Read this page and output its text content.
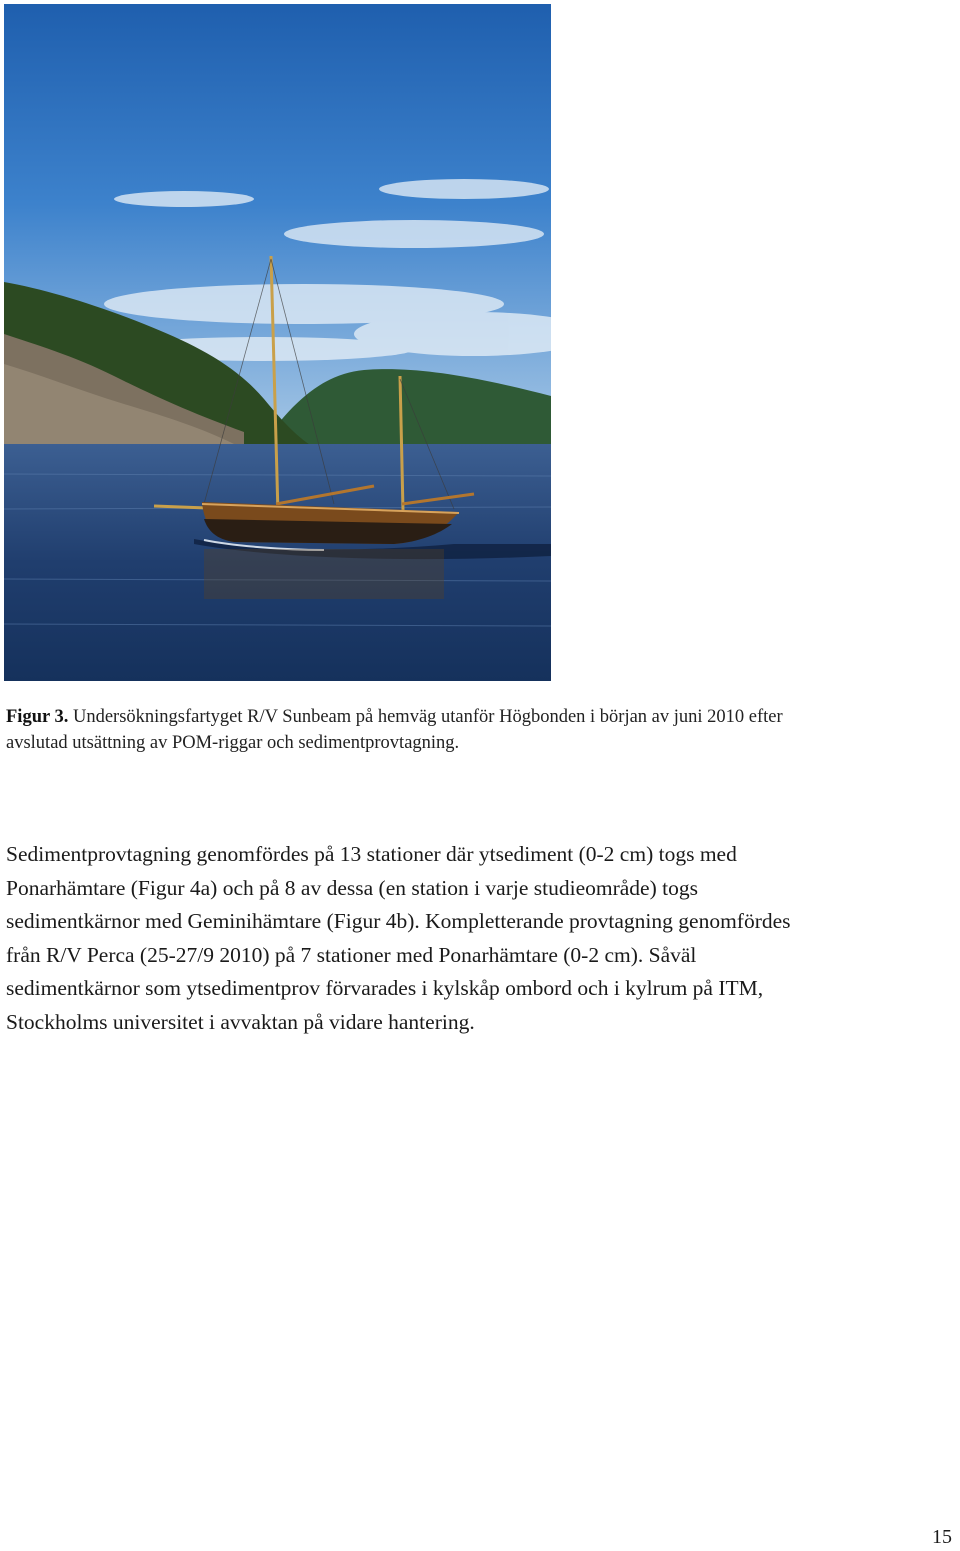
Figur 3. Undersökningsfartyget R/V Sunbeam på hemväg utanför Högbonden i början av juni 2010 efter
avslutad utsättning av POM-riggar och sedimentprovtagning.
Sedimentprovtagning genomfördes på 13 stationer där ytsediment (0-2 cm) togs med
Ponarhämtare (Figur 4a) och på 8 av dessa (en station i varje studieområde) togs
sedimentkärnor med Geminihämtare (Figur 4b). Kompletterande provtagning genomfördes
från R/V Perca (25-27/9 2010) på 7 stationer med Ponarhämtare (0-2 cm). Såväl
sedimentkärnor som ytsedimentprov förvarades i kylskåp ombord och i kylrum på ITM,
Stockholms universitet i avvaktan på vidare hantering.
15
